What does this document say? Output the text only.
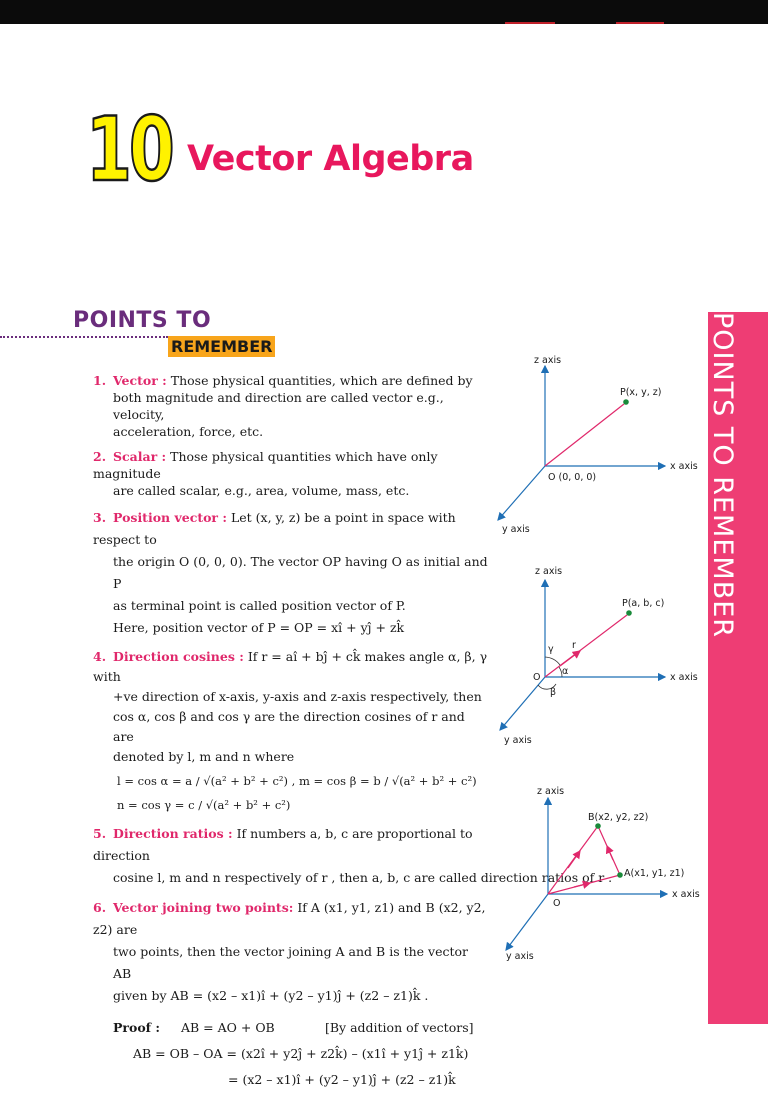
10 Vector Algebra
POINTS TO
REMEMBER	POINTS TO REMEMBER
1. Vector : Those physical quantities, which are defined by
both magnitude and direction are called vector e.g., velocity,
acceleration, force, etc.
2. Scalar : Those physical quantities which have only magnitude
are called scalar, e.g., area, volume, mass, etc.
3. Position vector : Let (x, y, z) be a point in space with respect to
the origin O (0, 0, 0). The vector OP having O as initial and P
as terminal point is called position vector of P.
Here, position vector of P = OP = xî + yĵ + zk̂
4. Direction cosines : If r = aî + bĵ + ck̂ makes angle α, β, γ with
+ve direction of x-axis, y-axis and z-axis respectively, then
cos α, cos β and cos γ are the direction cosines of r and are
denoted by l, m and n where
l = cos α = a / √(a² + b² + c²) , m = cos β = b / √(a² + b² + c²)
n = cos γ = c / √(a² + b² + c²)
5. Direction ratios : If numbers a, b, c are proportional to direction
cosine l, m and n respectively of r , then a, b, c are called direction ratios of r .
6. Vector joining two points: If A (x1, y1, z1) and B (x2, y2, z2) are
two points, then the vector joining A and B is the vector AB
given by AB = (x2 – x1)î + (y2 – y1)ĵ + (z2 – z1)k̂ .
Proof : AB = AO + OB	[By addition of vectors]
AB = OB – OA = (x2î + y2ĵ + z2k̂) – (x1î + y1ĵ + z1k̂)
= (x2 – x1)î + (y2 – y1)ĵ + (z2 – z1)k̂
z axis
x axis
y axis
O (0, 0, 0)
P(x, y, z)
z axis
x axis
y axis
O
P(a, b, c)
α
β
γ r
z axis
x axis
y axis
O
B(x2, y2, z2)
A(x1, y1, z1)
